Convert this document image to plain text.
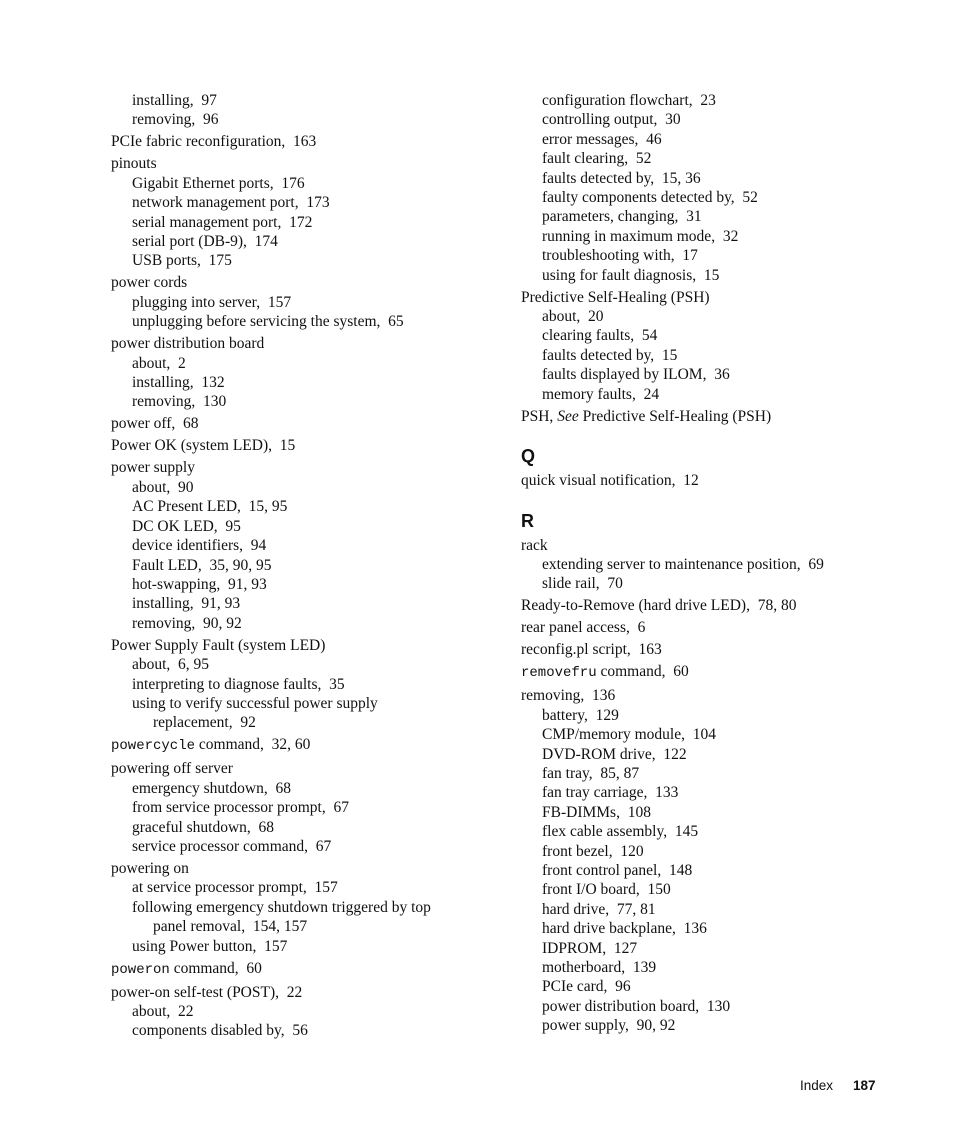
installing,  97
removing,  96
PCIe fabric reconfiguration,  163
pinouts
Gigabit Ethernet ports,  176
network management port,  173
serial management port,  172
serial port (DB-9),  174
USB ports,  175
power cords
plugging into server,  157
unplugging before servicing the system,  65
power distribution board
about,  2
installing,  132
removing,  130
power off,  68
Power OK (system LED),  15
power supply
about,  90
AC Present LED,  15, 95
DC OK LED,  95
device identifiers,  94
Fault LED,  35, 90, 95
hot-swapping,  91, 93
installing,  91, 93
removing,  90, 92
Power Supply Fault (system LED)
about,  6, 95
interpreting to diagnose faults,  35
using to verify successful power supply
replacement,  92
powercycle command,  32, 60
powering off server
emergency shutdown,  68
from service processor prompt,  67
graceful shutdown,  68
service processor command,  67
powering on
at service processor prompt,  157
following emergency shutdown triggered by top
panel removal,  154, 157
using Power button,  157
poweron command,  60
power-on self-test (POST),  22
about,  22
components disabled by,  56
configuration flowchart,  23
controlling output,  30
error messages,  46
fault clearing,  52
faults detected by,  15, 36
faulty components detected by,  52
parameters, changing,  31
running in maximum mode,  32
troubleshooting with,  17
using for fault diagnosis,  15
Predictive Self-Healing (PSH)
about,  20
clearing faults,  54
faults detected by,  15
faults displayed by ILOM,  36
memory faults,  24
PSH, See Predictive Self-Healing (PSH)
Q
quick visual notification,  12
R
rack
extending server to maintenance position,  69
slide rail,  70
Ready-to-Remove (hard drive LED),  78, 80
rear panel access,  6
reconfig.pl script,  163
removefru command,  60
removing,  136
battery,  129
CMP/memory module,  104
DVD-ROM drive,  122
fan tray,  85, 87
fan tray carriage,  133
FB-DIMMs,  108
flex cable assembly,  145
front bezel,  120
front control panel,  148
front I/O board,  150
hard drive,  77, 81
hard drive backplane,  136
IDPROM,  127
motherboard,  139
PCIe card,  96
power distribution board,  130
power supply,  90, 92
Index 187
